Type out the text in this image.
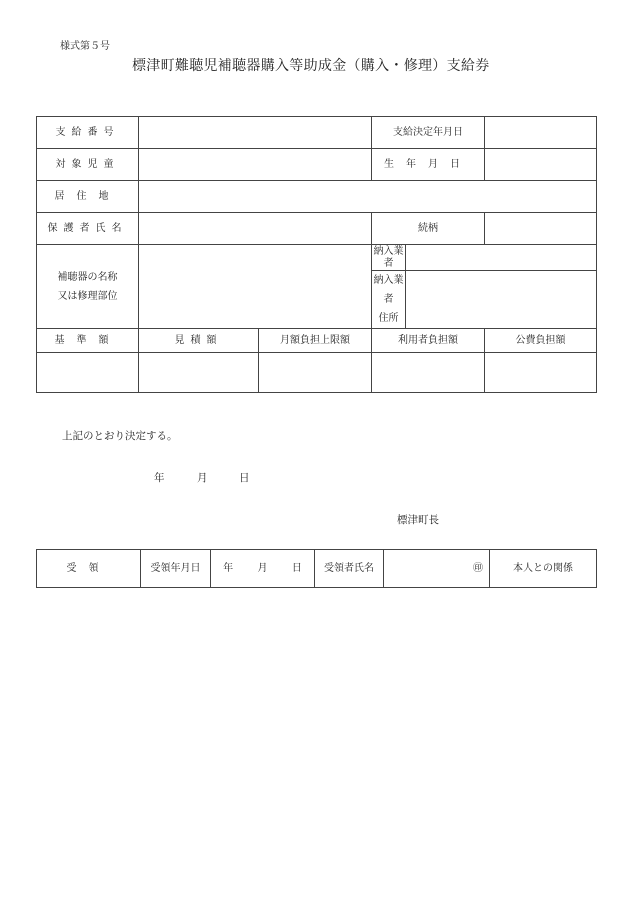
様式第５号
標津町難聴児補聴器購入等助成金（購入・修理）支給券
支給番号			支給決定年月日		
対象児童			生年月日		
居住地					
保護者氏名			続柄		
補聴器の名称
又は修理部位			納入業者		
			納入業者
住所		
基準額	見積額	月額負担上限額	利用者負担額		公費負担額

上記のとおり決定する。
年	月	日
標津町長
受領	受領年月日	年 月 日	受領者氏名	㊞	本人との関係
